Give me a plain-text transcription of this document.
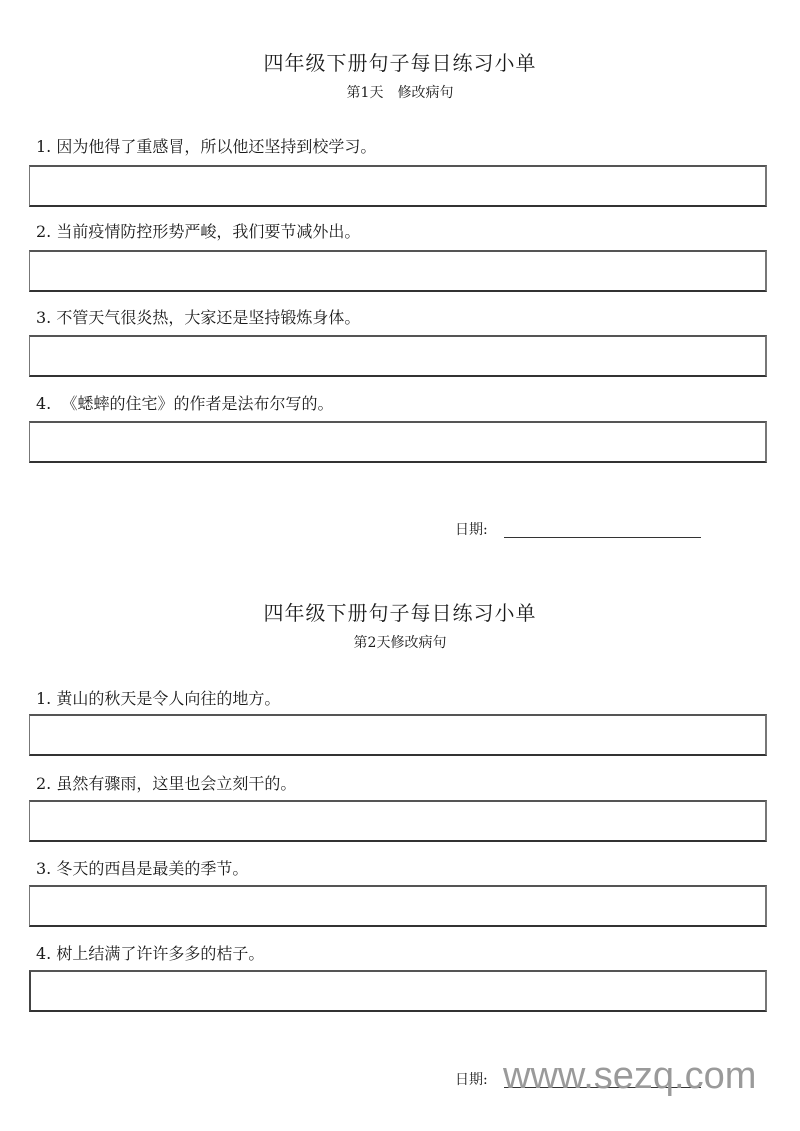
四年级下册句子每日练习小单
第1天　修改病句
1. 因为他得了重感冒，所以他还坚持到校学习。
2. 当前疫情防控形势严峻，我们要节减外出。
3. 不管天气很炎热，大家还是坚持锻炼身体。
4.  《蟋蟀的住宅》的作者是法布尔写的。
日期:
四年级下册句子每日练习小单
第2天修改病句
1. 黄山的秋天是令人向往的地方。
2. 虽然有骤雨，这里也会立刻干的。
3. 冬天的西昌是最美的季节。
4. 树上结满了许许多多的桔子。
日期: www.sezq.com
